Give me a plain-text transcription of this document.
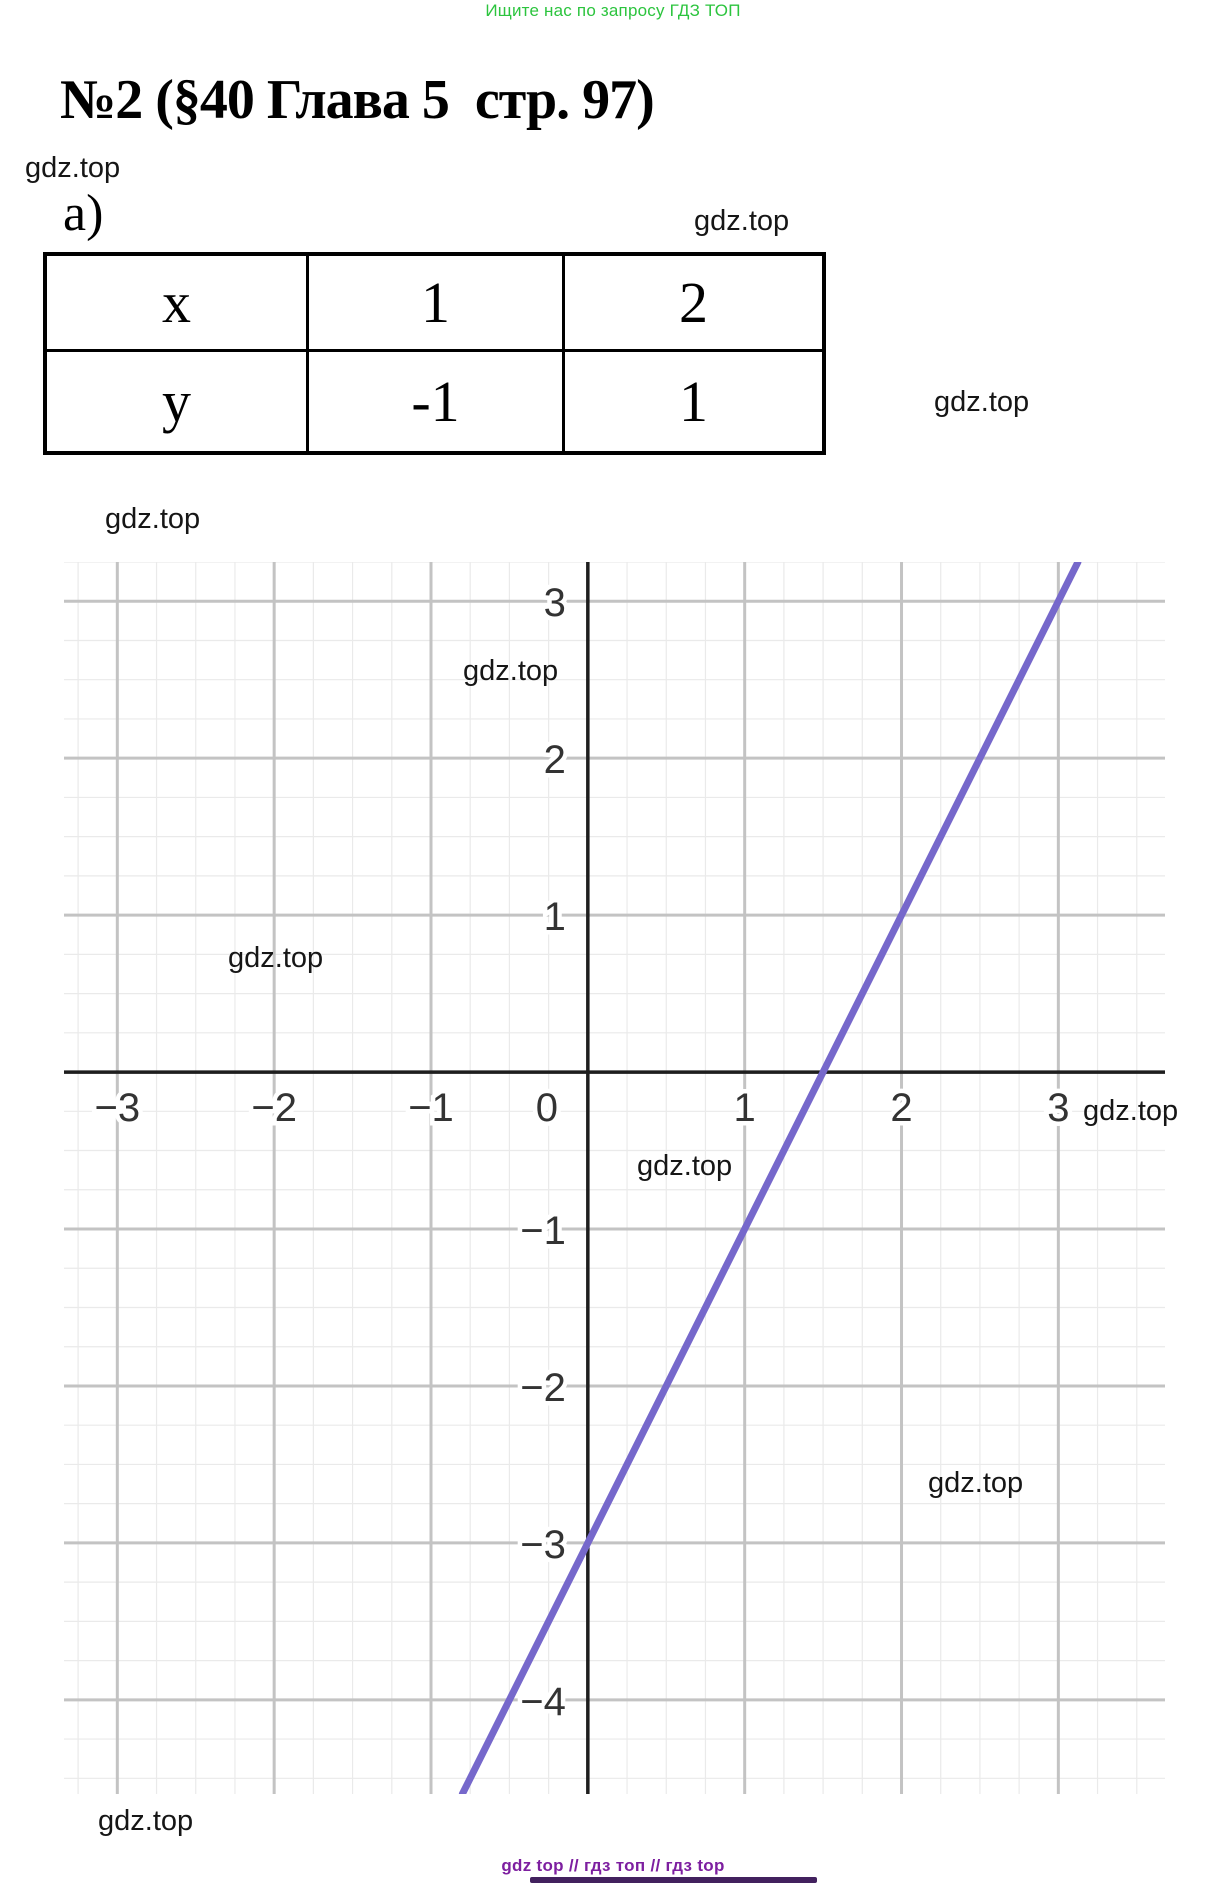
Ищите нас по запросу ГДЗ ТОП
№2 (§40 Глава 5  стр. 97)
а)
x	1	2
y	-1	1
3
2
1
−1
−2
−3
−4
−3	−2	−1 0	1	2	3
gdz.top
gdz.top
gdz.top
gdz.top
gdz.top
gdz.top
gdz.top
gdz.top
gdz.top
gdz.top
gdz top // гдз топ // гдз top
